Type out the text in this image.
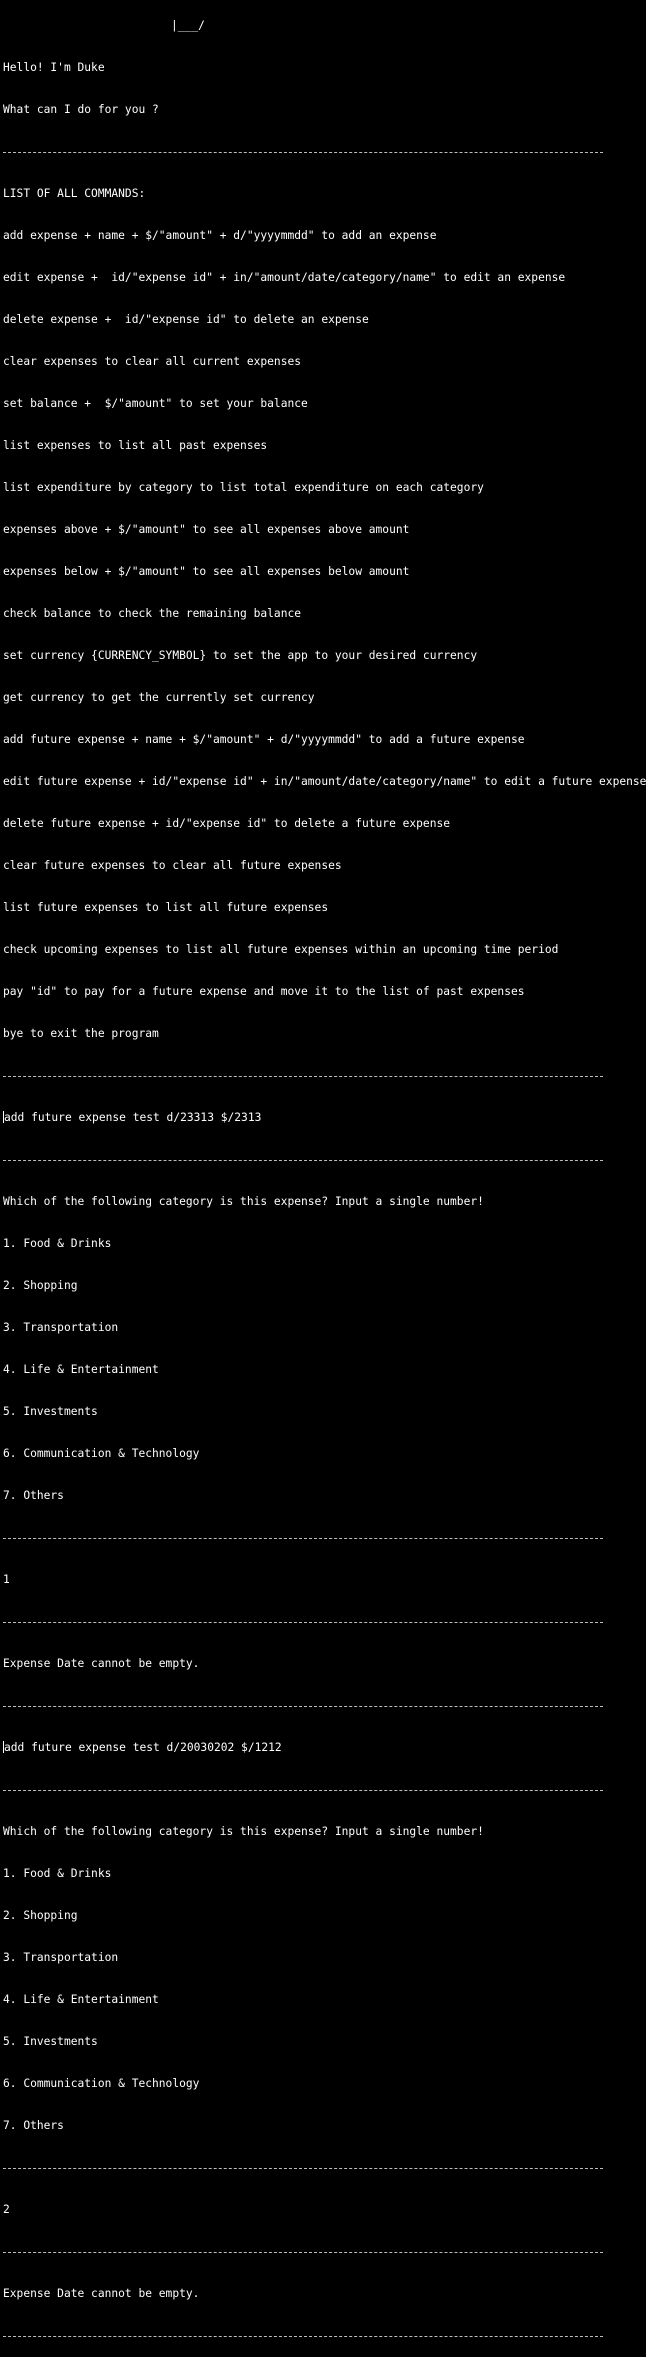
|___/

Hello! I'm Duke

What can I do for you ?

LIST OF ALL COMMANDS:

add expense + name + $/"amount" + d/"yyyymmdd" to add an expense

edit expense +  id/"expense id" + in/"amount/date/category/name" to edit an expense

delete expense +  id/"expense id" to delete an expense

clear expenses to clear all current expenses

set balance +  $/"amount" to set your balance

list expenses to list all past expenses

list expenditure by category to list total expenditure on each category

expenses above + $/"amount" to see all expenses above amount

expenses below + $/"amount" to see all expenses below amount

check balance to check the remaining balance

set currency {CURRENCY_SYMBOL} to set the app to your desired currency

get currency to get the currently set currency

add future expense + name + $/"amount" + d/"yyyymmdd" to add a future expense

edit future expense + id/"expense id" + in/"amount/date/category/name" to edit a future expense

delete future expense + id/"expense id" to delete a future expense

clear future expenses to clear all future expenses

list future expenses to list all future expenses

check upcoming expenses to list all future expenses within an upcoming time period

pay "id" to pay for a future expense and move it to the list of past expenses

bye to exit the program

add future expense test d/23313 $/2313

Which of the following category is this expense? Input a single number!

1. Food & Drinks

2. Shopping

3. Transportation

4. Life & Entertainment

5. Investments

6. Communication & Technology

7. Others

1

Expense Date cannot be empty.

add future expense test d/20030202 $/1212

Which of the following category is this expense? Input a single number!

1. Food & Drinks

2. Shopping

3. Transportation

4. Life & Entertainment

5. Investments

6. Communication & Technology

7. Others

2

Expense Date cannot be empty.
